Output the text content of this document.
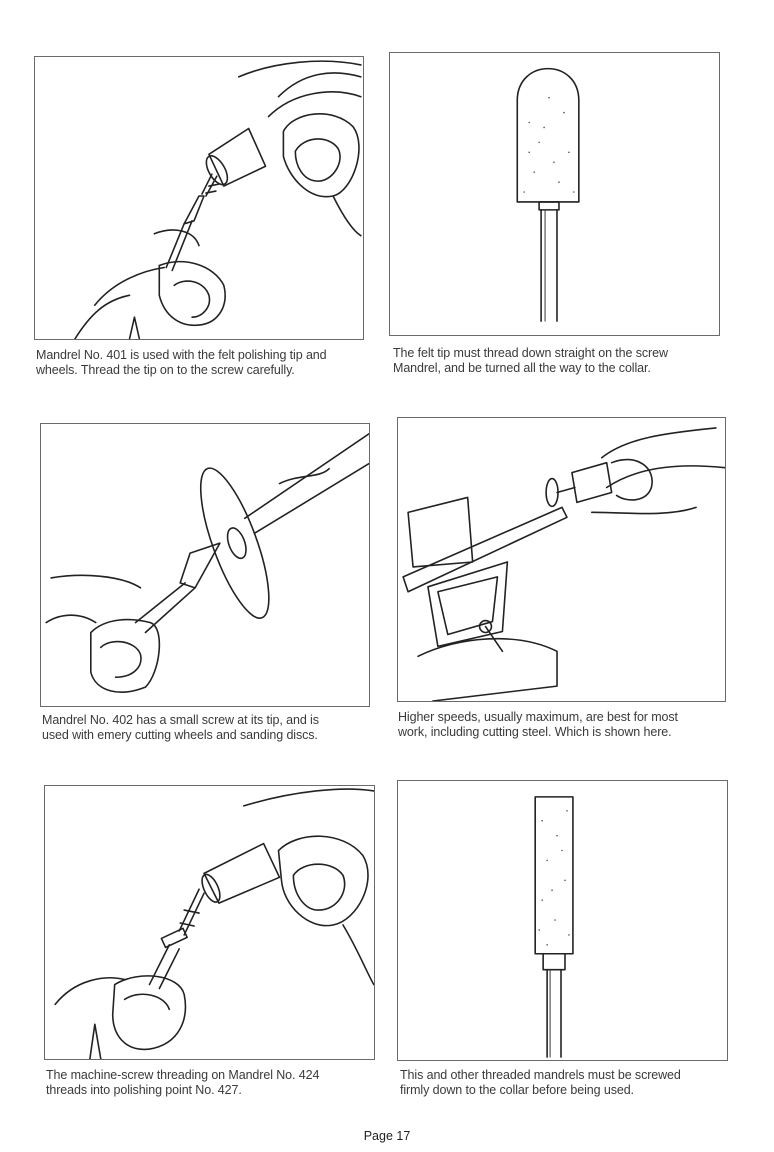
Mandrel No. 401 is used with the felt polishing tip and
wheels. Thread the tip on to the screw carefully.
The felt tip must thread down straight on the screw
Mandrel, and be turned all the way to the collar.
Mandrel No. 402 has a small screw at its tip, and is
used with emery cutting wheels and sanding discs.
Higher speeds, usually maximum, are best for most
work, including cutting steel. Which is shown here.
The machine-screw threading on Mandrel No. 424
threads into polishing point No. 427.
This and other threaded mandrels must be screwed
firmly down to the collar before being used.
Page 17
